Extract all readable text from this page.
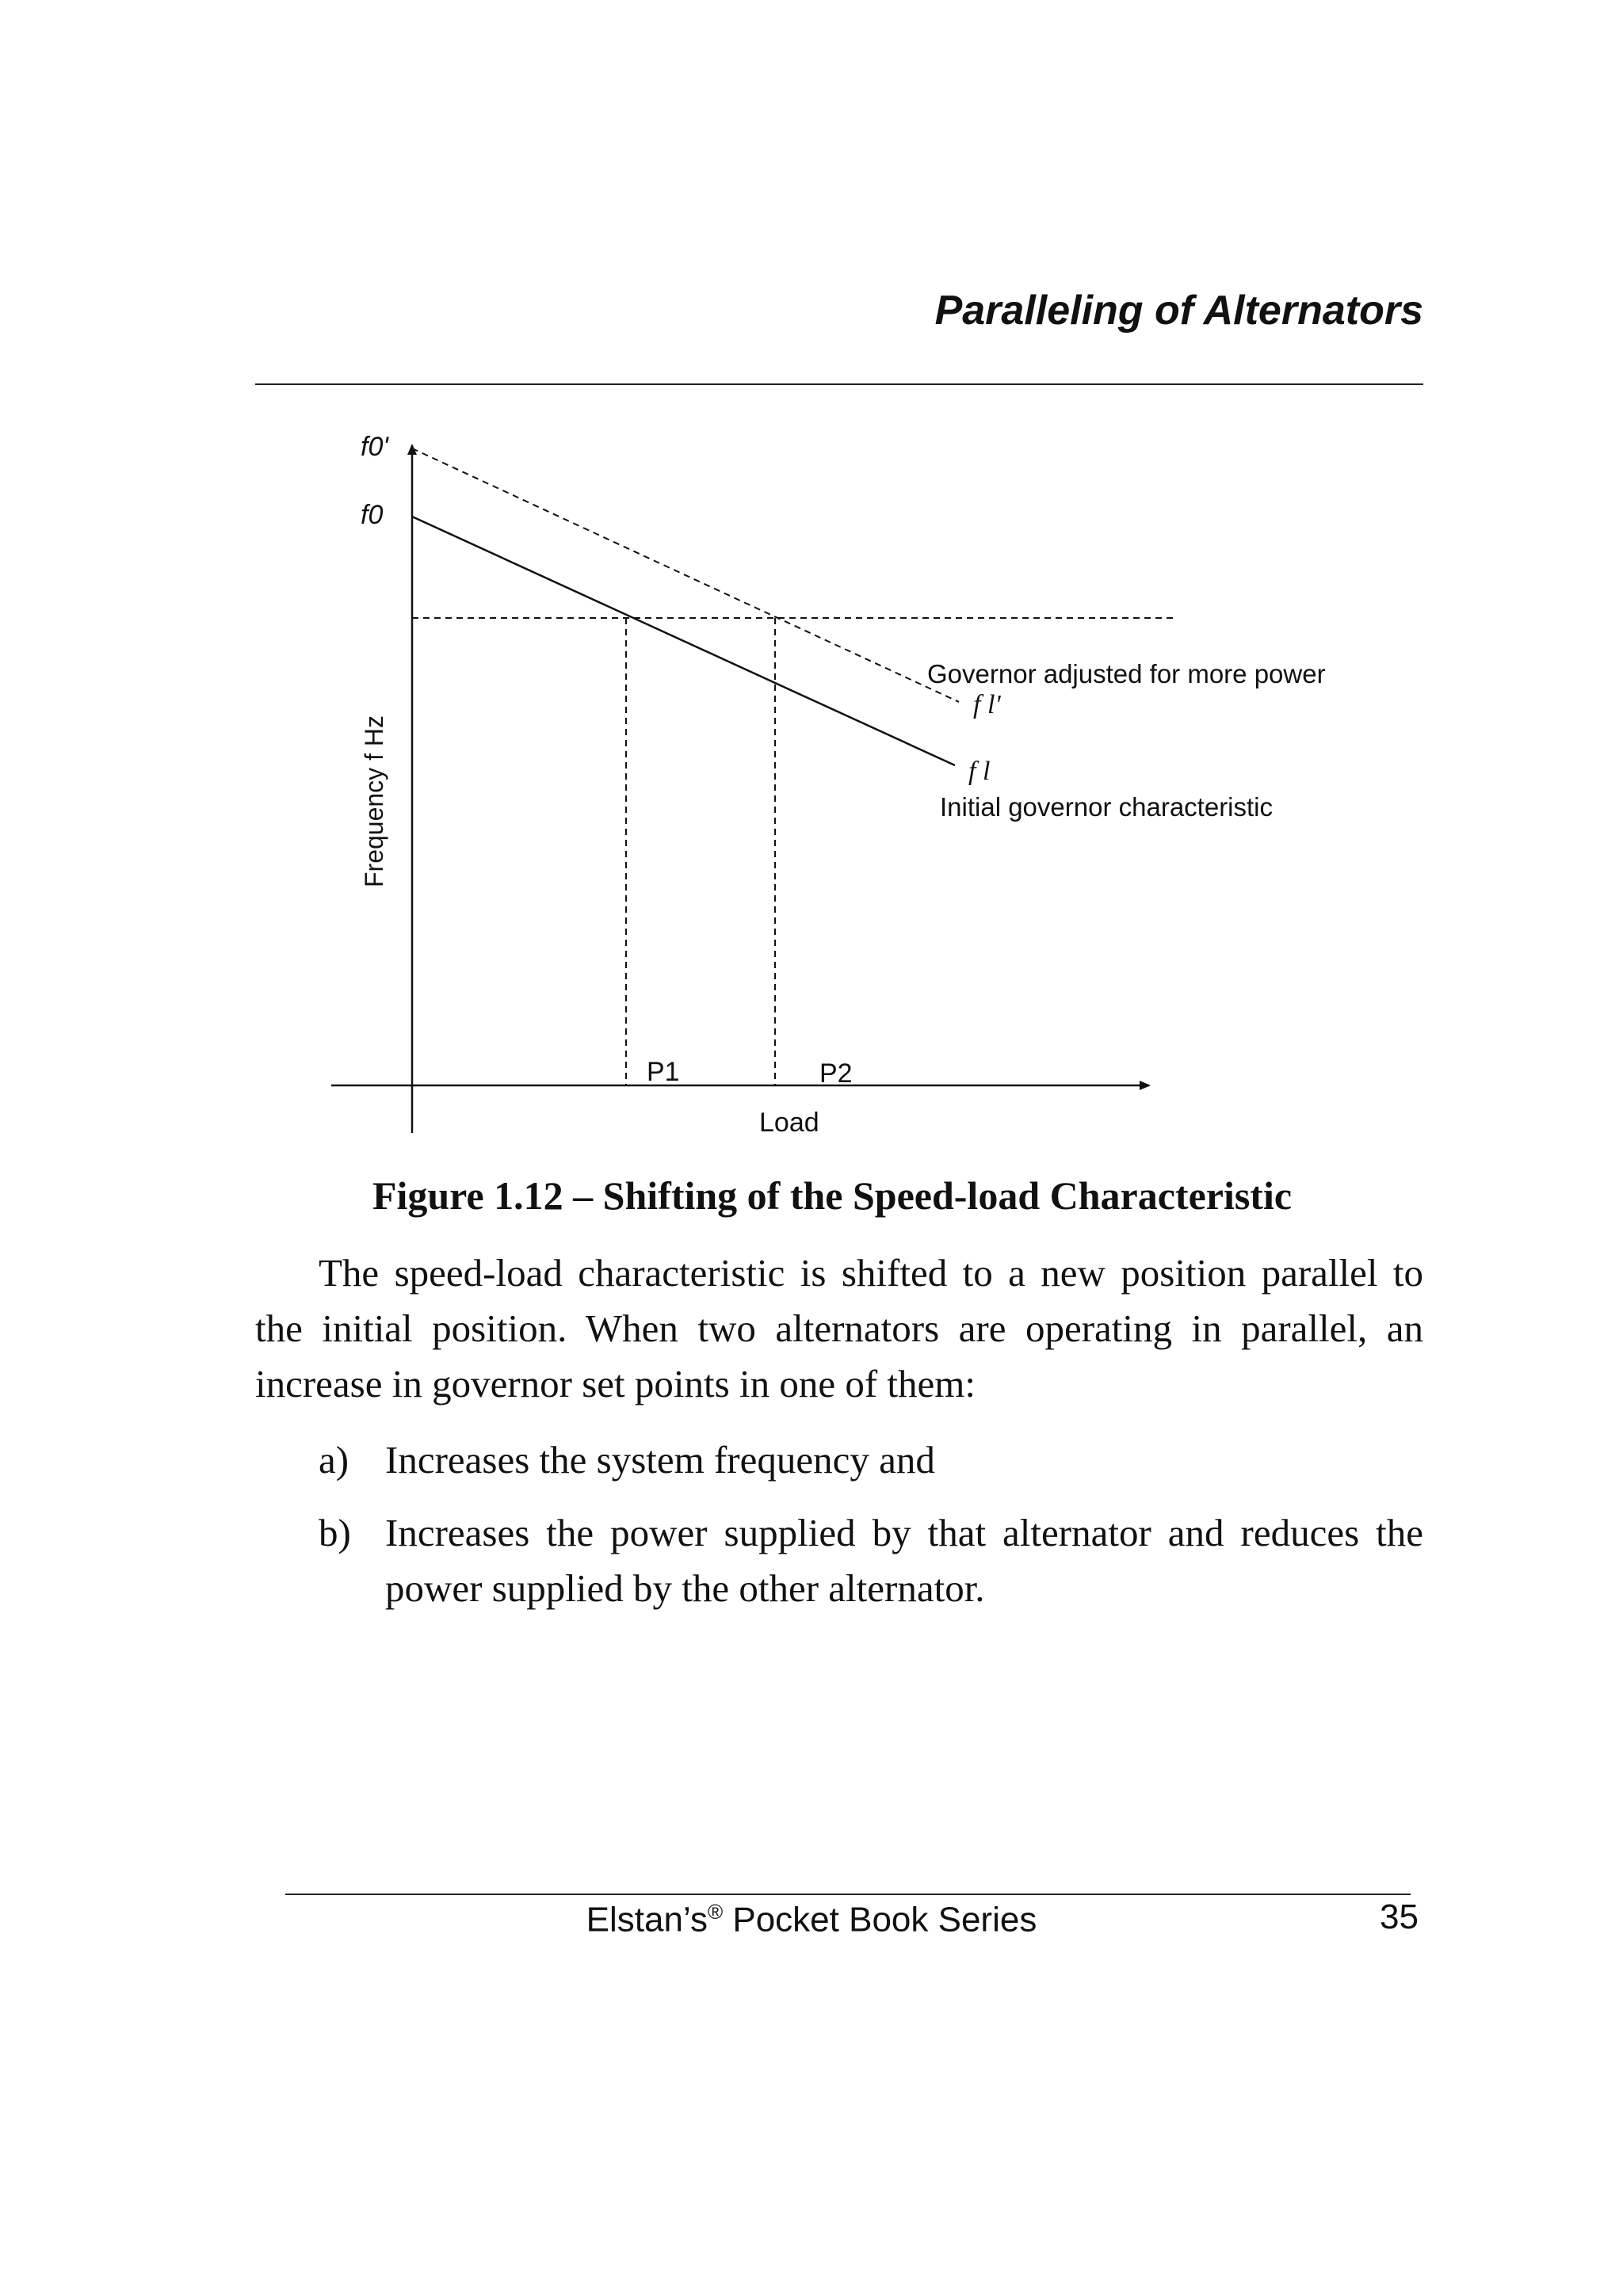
Paralleling of Alternators
f0'
f0
Frequency f Hz
Governor adjusted for more power
f l'
f l
Initial governor characteristic
P1	P2
Load
Figure 1.12 – Shifting of the Speed-load Characteristic

The speed-load characteristic is shifted to a new position parallel to the initial position. When two alternators are operating in parallel, an increase in governor set points in one of them:

a) Increases the system frequency and
b) Increases the power supplied by that alternator and reduces the power supplied by the other alternator.
Elstan’s® Pocket Book Series	35
